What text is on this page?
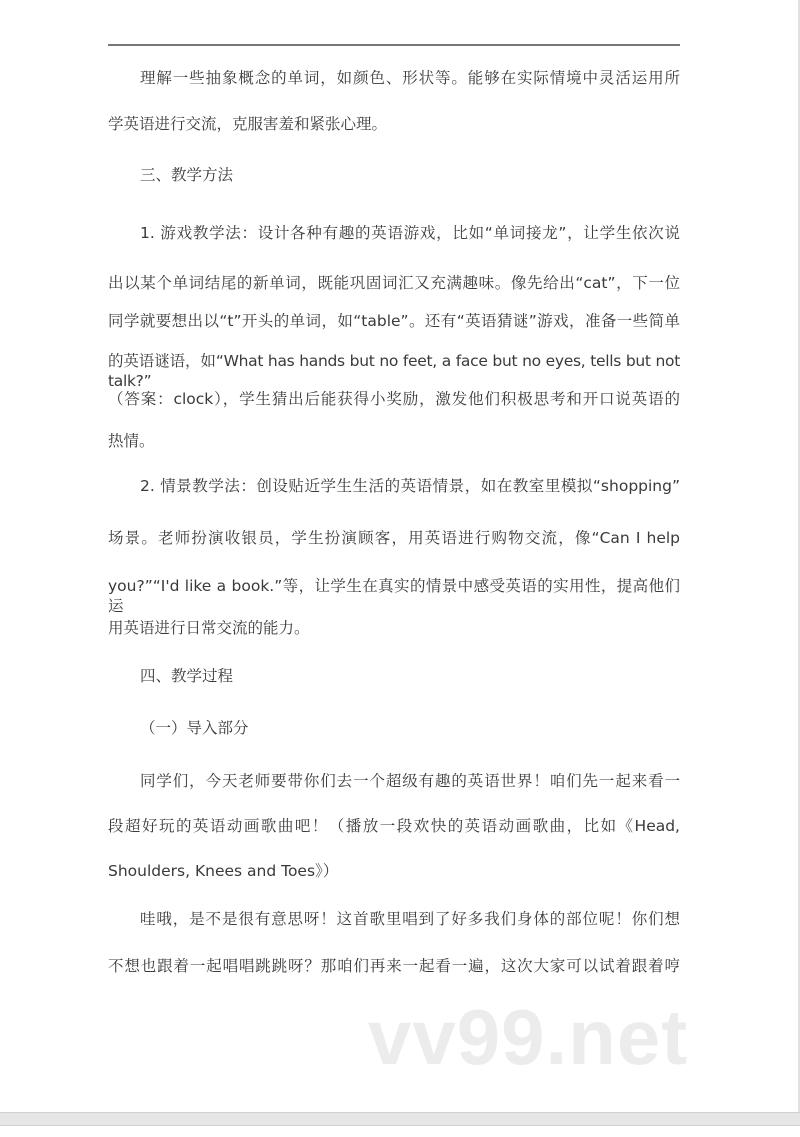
理解一些抽象概念的单词，如颜色、形状等。能够在实际情境中灵活运用所
学英语进行交流，克服害羞和紧张心理。
三、教学方法
1. 游戏教学法：设计各种有趣的英语游戏，比如“单词接龙”，让学生依次说
出以某个单词结尾的新单词，既能巩固词汇又充满趣味。像先给出“cat”，下一位
同学就要想出以“t”开头的单词，如“table”。还有“英语猜谜”游戏，准备一些简单
的英语谜语，如“What has hands but no feet, a face but no eyes, tells but not talk?”
（答案：clock），学生猜出后能获得小奖励，激发他们积极思考和开口说英语的
热情。
2. 情景教学法：创设贴近学生生活的英语情景，如在教室里模拟“shopping”
场景。老师扮演收银员，学生扮演顾客，用英语进行购物交流，像“Can I help
you?”“I'd like a book.”等，让学生在真实的情景中感受英语的实用性，提高他们运
用英语进行日常交流的能力。
四、教学过程
（一）导入部分
同学们，今天老师要带你们去一个超级有趣的英语世界！咱们先一起来看一
段超好玩的英语动画歌曲吧！（播放一段欢快的英语动画歌曲，比如《Head,
Shoulders, Knees and Toes》）
哇哦，是不是很有意思呀！这首歌里唱到了好多我们身体的部位呢！你们想
不想也跟着一起唱唱跳跳呀？那咱们再来一起看一遍，这次大家可以试着跟着哼
vv99.net
